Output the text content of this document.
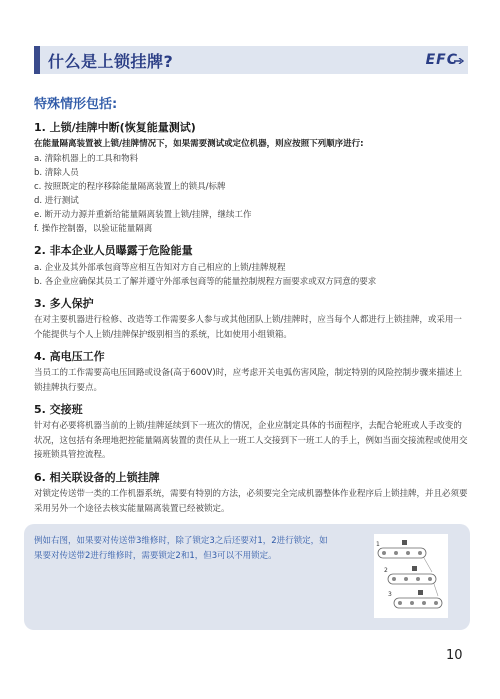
什么是上锁挂牌?	EFC
特殊情形包括:
1. 上锁/挂牌中断(恢复能量测试)
在能量隔离装置被上锁/挂牌情况下，如果需要测试或定位机器，则应按照下列顺序进行:
a. 清除机器上的工具和物料
b. 清除人员
c. 按照既定的程序移除能量隔离装置上的锁具/标牌
d. 进行测试
e. 断开动力源并重新给能量隔离装置上锁/挂牌，继续工作
f. 操作控制器，以验证能量隔离
2. 非本企业人员曝露于危险能量
a. 企业及其外部承包商等应相互告知对方自己相应的上锁/挂牌规程
b. 各企业应确保其员工了解并遵守外部承包商等的能量控制规程方面要求或双方同意的要求
3. 多人保护
在对主要机器进行检修、改造等工作需要多人参与或其他团队上锁/挂牌时，应当每个人都进行上锁挂牌，或采用一个能提供与个人上锁/挂牌保护级别相当的系统，比如使用小组锁箱。
4. 高电压工作
当员工的工作需要高电压回路或设备(高于600V)时，应考虑开关电弧伤害风险，制定特别的风险控制步骤来描述上锁挂牌执行要点。
5. 交接班
针对有必要将机器当前的上锁/挂牌延续到下一班次的情况，企业应制定具体的书面程序，去配合轮班或人手改变的状况，这包括有条理地把控能量隔离装置的责任从上一班工人交接到下一班工人的手上，例如当面交接流程或使用交接班锁具管控流程。
6. 相关联设备的上锁挂牌
对锁定传送带一类的工作机器系统，需要有特别的方法，必须要完全完成机器整体作业程序后上锁挂牌，并且必须要采用另外一个途径去核实能量隔离装置已经被锁定。
例如右图，如果要对传送带3维修时，除了锁定3之后还要对1，2进行锁定，如果要对传送带2进行维修时，需要锁定2和1，但3可以不用锁定。
1
2
3
10
